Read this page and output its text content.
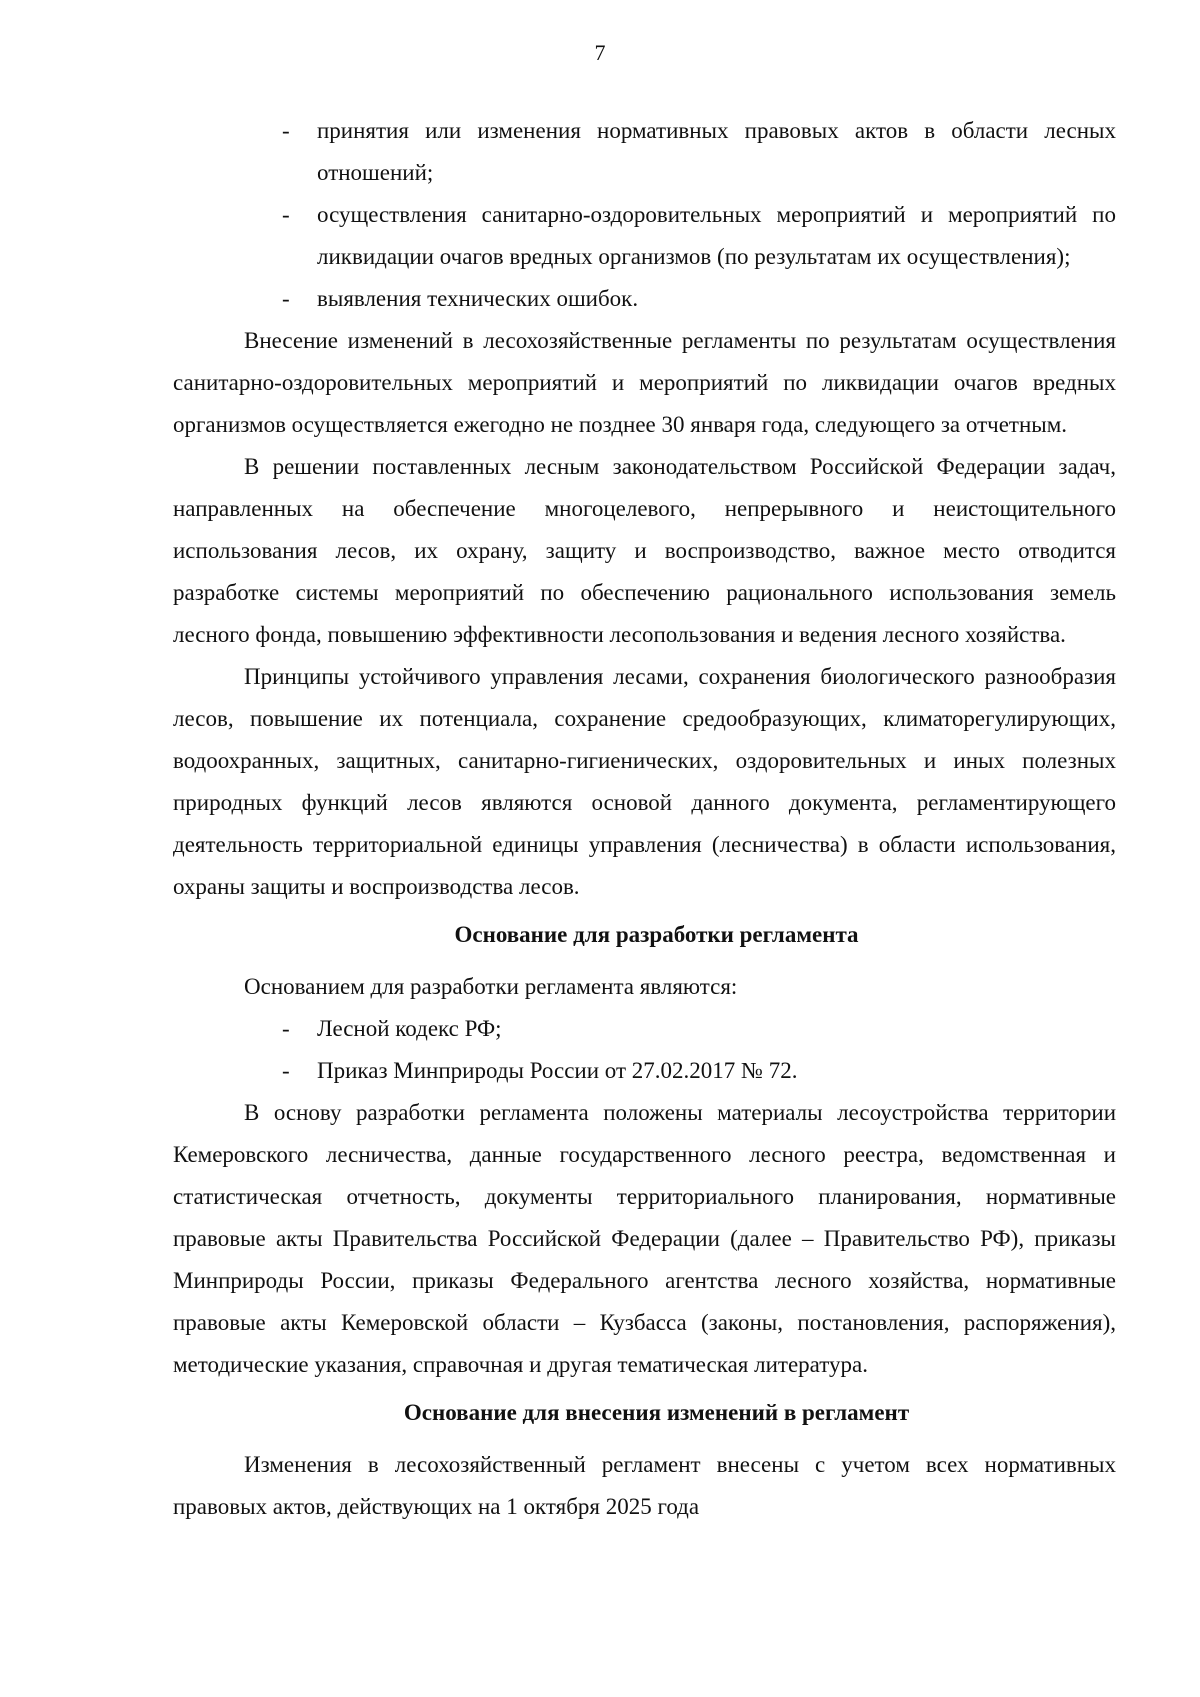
7
- принятия или изменения нормативных правовых актов в области лесных отношений;
- осуществления санитарно-оздоровительных мероприятий и мероприятий по ликвидации очагов вредных организмов (по результатам их осуществления);
- выявления технических ошибок.

Внесение изменений в лесохозяйственные регламенты по результатам осуществления санитарно-оздоровительных мероприятий и мероприятий по ликвидации очагов вредных организмов осуществляется ежегодно не позднее 30 января года, следующего за отчетным.

В решении поставленных лесным законодательством Российской Федерации задач, направленных на обеспечение многоцелевого, непрерывного и неистощительного использования лесов, их охрану, защиту и воспроизводство, важное место отводится разработке системы мероприятий по обеспечению рационального использования земель лесного фонда, повышению эффективности лесопользования и ведения лесного хозяйства.

Принципы устойчивого управления лесами, сохранения биологического разнообразия лесов, повышение их потенциала, сохранение средообразующих, климаторегулирующих, водоохранных, защитных, санитарно-гигиенических, оздоровительных и иных полезных природных функций лесов являются основой данного документа, регламентирующего деятельность территориальной единицы управления (лесничества) в области использования, охраны защиты и воспроизводства лесов.

Основание для разработки регламента

Основанием для разработки регламента являются:

- Лесной кодекс РФ;
- Приказ Минприроды России от 27.02.2017 № 72.

В основу разработки регламента положены материалы лесоустройства территории Кемеровского лесничества, данные государственного лесного реестра, ведомственная и статистическая отчетность, документы территориального планирования, нормативные правовые акты Правительства Российской Федерации (далее – Правительство РФ), приказы Минприроды России, приказы Федерального агентства лесного хозяйства, нормативные правовые акты Кемеровской области – Кузбасса (законы, постановления, распоряжения), методические указания, справочная и другая тематическая литература.

Основание для внесения изменений в регламент

Изменения в лесохозяйственный регламент внесены с учетом всех нормативных правовых актов, действующих на 1 октября 2025 года
